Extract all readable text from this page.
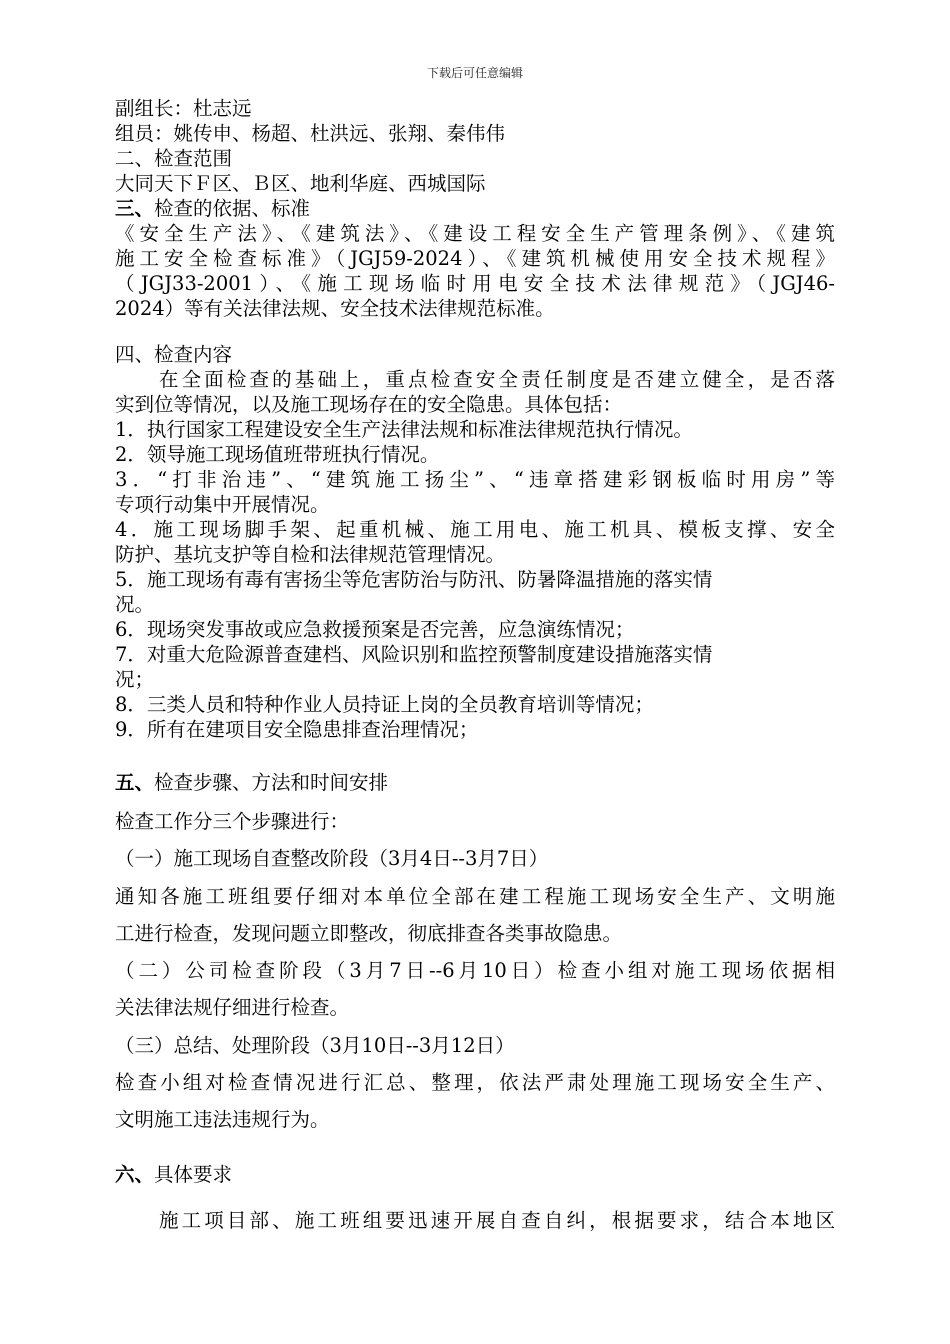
下载后可任意编辑
副组长：杜志远
组员：姚传申、杨超、杜洪远、张翔、秦伟伟
二、检查范围
大同天下Ｆ区、Ｂ区、地利华庭、西城国际
三、检查的依据、标准
《安全生产法》、《建筑法》、《建设工程安全生产管理条例》、《建筑
施工安全检查标准》（JGJ59-2024）、《建筑机械使用安全技术规程》
（JGJ33-2001）、《施工现场临时用电安全技术法律规范》（JGJ46-
2024）等有关法律法规、安全技术法律规范标准。
四、检查内容
在全面检查的基础上，重点检查安全责任制度是否建立健全，是否落
实到位等情况，以及施工现场存在的安全隐患。具体包括：
1．执行国家工程建设安全生产法律法规和标准法律规范执行情况。
2．领导施工现场值班带班执行情况。
3．“打非治违”、“建筑施工扬尘”、“违章搭建彩钢板临时用房”等
专项行动集中开展情况。
4．施工现场脚手架、起重机械、施工用电、施工机具、模板支撑、安全
防护、基坑支护等自检和法律规范管理情况。
5．施工现场有毒有害扬尘等危害防治与防汛、防暑降温措施的落实情
况。
6．现场突发事故或应急救援预案是否完善，应急演练情况；
7．对重大危险源普查建档、风险识别和监控预警制度建设措施落实情
况；
8．三类人员和特种作业人员持证上岗的全员教育培训等情况；
9．所有在建项目安全隐患排查治理情况；
五、检查步骤、方法和时间安排
检查工作分三个步骤进行：
（一）施工现场自查整改阶段（3月4日--3月7日）
通知各施工班组要仔细对本单位全部在建工程施工现场安全生产、文明施
工进行检查，发现问题立即整改，彻底排查各类事故隐患。
（二）公司检查阶段（3月7日--6月10日）检查小组对施工现场依据相
关法律法规仔细进行检查。
（三）总结、处理阶段（3月10日--3月12日）
检查小组对检查情况进行汇总、整理，依法严肃处理施工现场安全生产、
文明施工违法违规行为。
六、具体要求
施工项目部、施工班组要迅速开展自查自纠，根据要求，结合本地区
